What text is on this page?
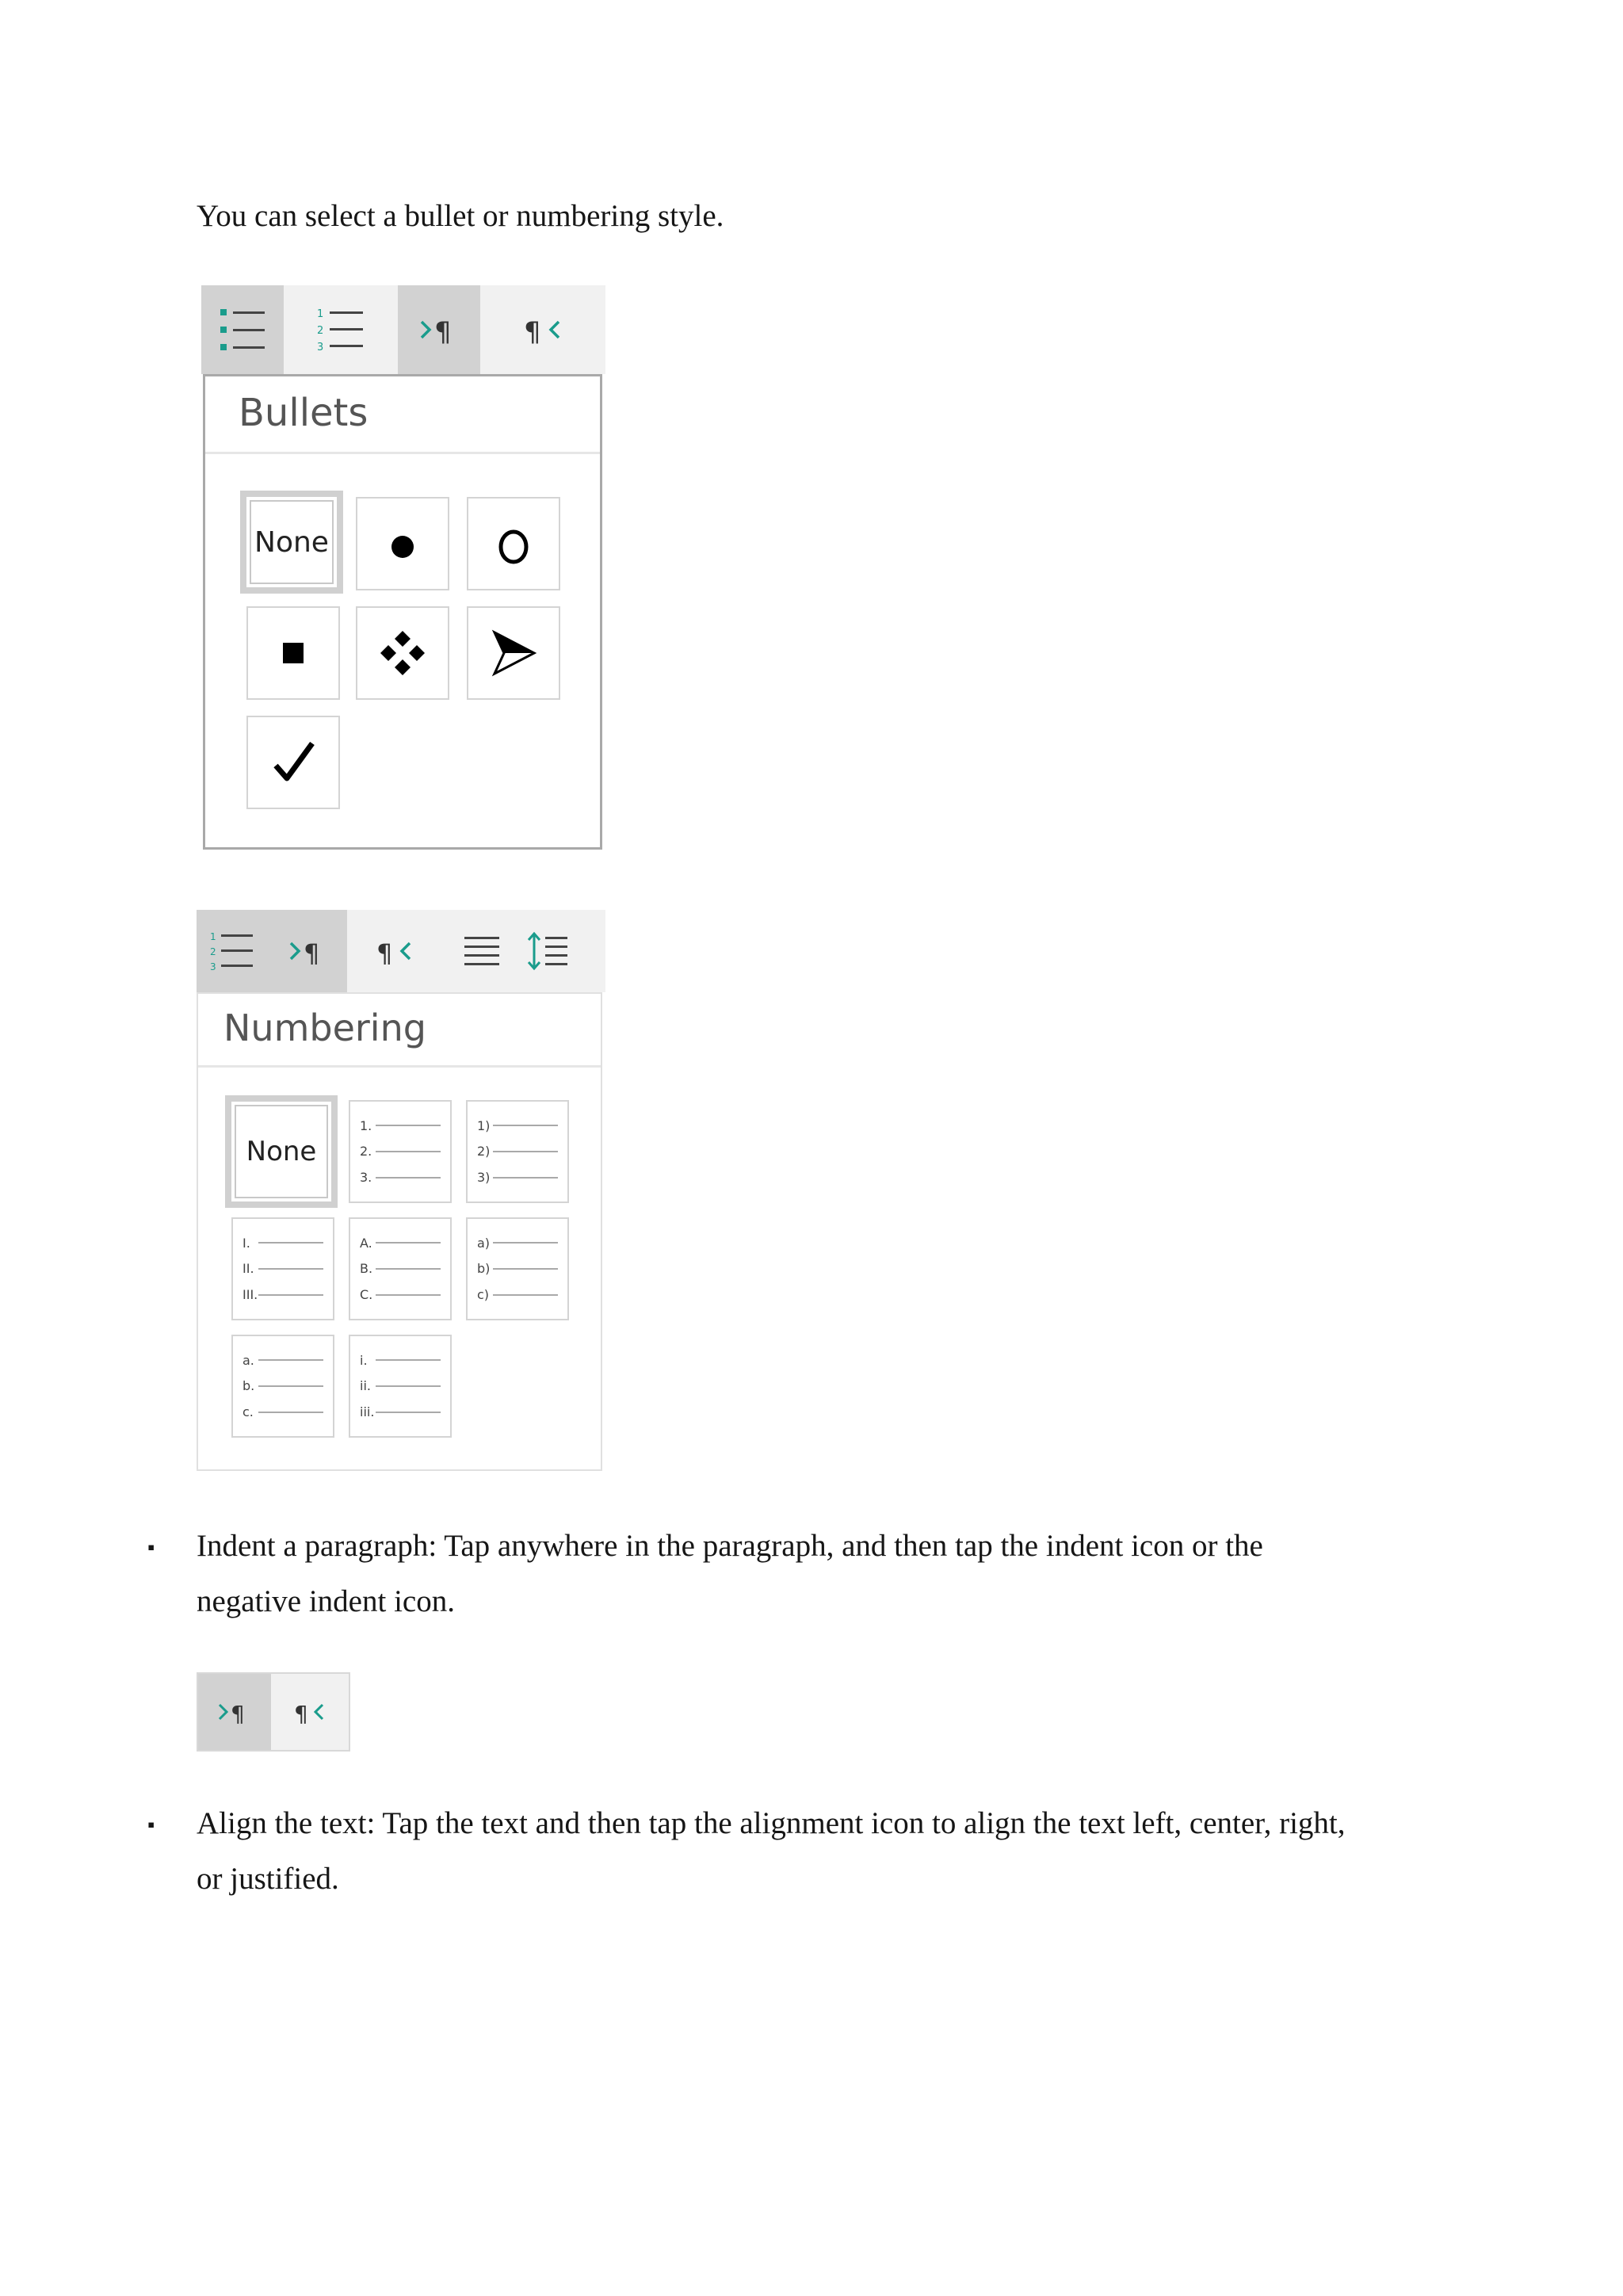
You can select a bullet or numbering style.
1
2
3	¶	¶
Bullets
None
1
2
3	¶ ¶
Numbering
None
1.
2.
3.
1)
2)
3)
I.
II.
III.
A.
B.
C.
a)
b)
c)
a.
b.
c.
i.
ii.
iii.
▪ Indent a paragraph: Tap anywhere in the paragraph, and then tap the indent icon or the
negative indent icon.
¶ ¶
▪ Align the text: Tap the text and then tap the alignment icon to align the text left, center, right,
or justified.
